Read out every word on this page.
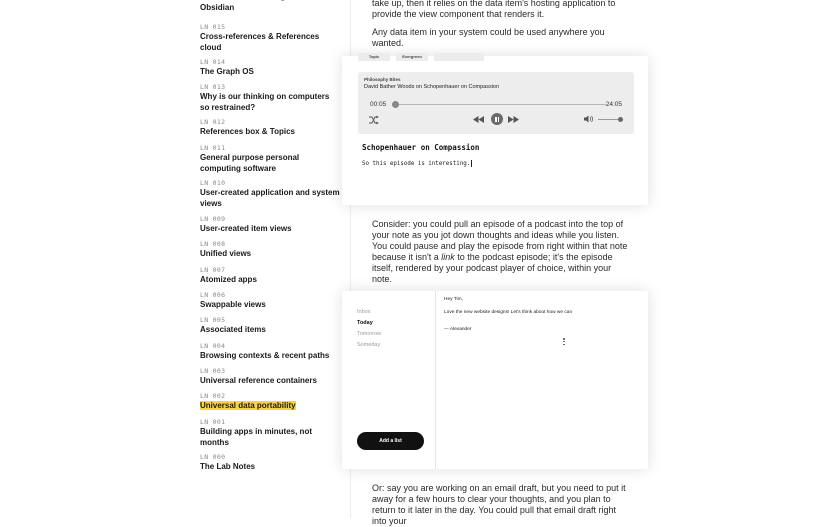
Obsidian
LN 015
Cross-references & References cloud
LN 014
The Graph OS
LN 013
Why is our thinking on computers so restrained?
LN 012
References box & Topics
LN 011
General purpose personal computing software
LN 010
User-created application and system views
LN 009
User-created item views
LN 008
Unified views
LN 007
Atomized apps
LN 006
Swappable views
LN 005
Associated items
LN 004
Browsing contexts & recent paths
LN 003
Universal reference containers
LN 002
Universal data portability
LN 001
Building apps in minutes, not months
LN 000
The Lab Notes

take up, then it relies on the data item's hosting application to provide the view component that renders it.

Any data item in your system could be used anywhere you wanted.

Topic	Evergreen
Philosophy Bites
David Bather Woods on Schopenhauer on Compassion
00:05	24:05
Schopenhauer on Compassion
So this episode is interesting.

Consider: you could pull an episode of a podcast into the top of your note as you jot down thoughts and ideas while you listen. You could pause and play the episode from right within that note because it isn't a link to the podcast episode; it's the episode itself, rendered by your podcast player of choice, within your note.

Inbox
Today
Tomorrow
Someday
Add a list
Hey Tim,
Love the new website designs! Let's think about how we can
— Alexander

Or: say you are working on an email draft, but you need to put it away for a few hours to clear your thoughts, and you plan to return to it later in the day. You could pull that email draft right into your
